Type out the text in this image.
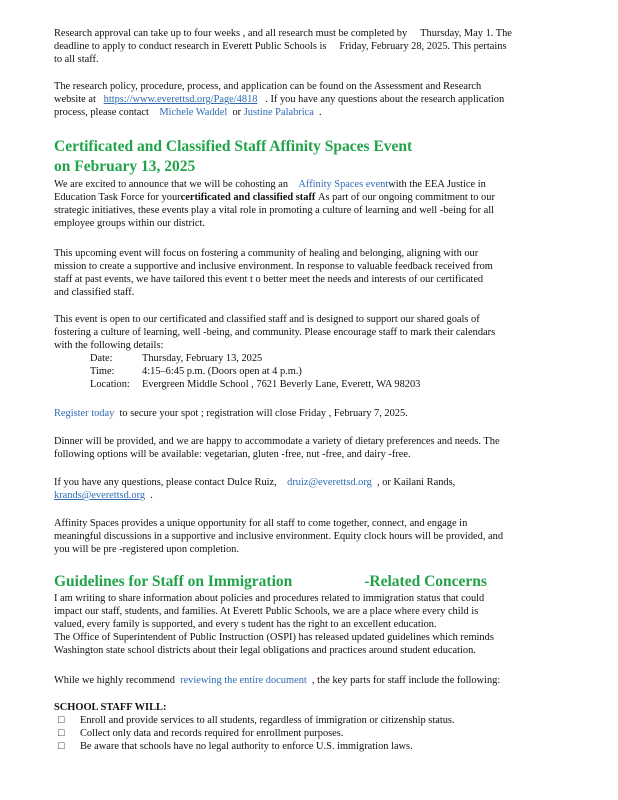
Research approval can take up to four weeks , and all research must be completed by Thursday, May 1. The
deadline to apply to conduct research in Everett Public Schools is Friday, February 28, 2025. This pertains
to all staff.
The research policy, procedure, process, and application can be found on the Assessment and Research
website at https://www.everettsd.org/Page/4818 . If you have any questions about the research application
process, please contact Michele Waddel or Justine Palabrica .
Certificated and Classified Staff Affinity Spaces Event
on February 13, 2025
We are excited to announce that we will be cohosting an Affinity Spaces eventwith the EEA Justice in
Education Task Force for yourcertificated and classified staff As part of our ongoing commitment to our
strategic initiatives, these events play a vital role in promoting a culture of learning and well -being for all
employee groups within our district.
This upcoming event will focus on fostering a community of healing and belonging, aligning with our
mission to create a supportive and inclusive environment. In response to valuable feedback received from
staff at past events, we have tailored this event t o better meet the needs and interests of our certificated
and classified staff.
This event is open to our certificated and classified staff and is designed to support our shared goals of
fostering a culture of learning, well -being, and community. Please encourage staff to mark their calendars
with the following details:
Date:	Thursday, February 13, 2025
Time:	4:15–6:45 p.m. (Doors open at 4 p.m.)
Location: Evergreen Middle School , 7621 Beverly Lane, Everett, WA 98203
Register today to secure your spot ; registration will close Friday , February 7, 2025.
Dinner will be provided, and we are happy to accommodate a variety of dietary preferences and needs. The
following options will be available: vegetarian, gluten -free, nut -free, and dairy -free.
If you have any questions, please contact Dulce Ruiz, druiz@everettsd.org , or Kailani Rands,
krands@everettsd.org .
Affinity Spaces provides a unique opportunity for all staff to come together, connect, and engage in
meaningful discussions in a supportive and inclusive environment. Equity clock hours will be provided, and
you will be pre -registered upon completion.
Guidelines for Staff on Immigration	-Related Concerns
I am writing to share information about policies and procedures related to immigration status that could
impact our staff, students, and families. At Everett Public Schools, we are a place where every child is
valued, every family is supported, and every s tudent has the right to an excellent education.
The Office of Superintendent of Public Instruction (OSPI) has released updated guidelines which reminds
Washington state school districts about their legal obligations and practices around student education.
While we highly recommend reviewing the entire document , the key parts for staff include the following:
SCHOOL STAFF WILL:
□ Enroll and provide services to all students, regardless of immigration or citizenship status.
□ Collect only data and records required for enrollment purposes.
□ Be aware that schools have no legal authority to enforce U.S. immigration laws.
